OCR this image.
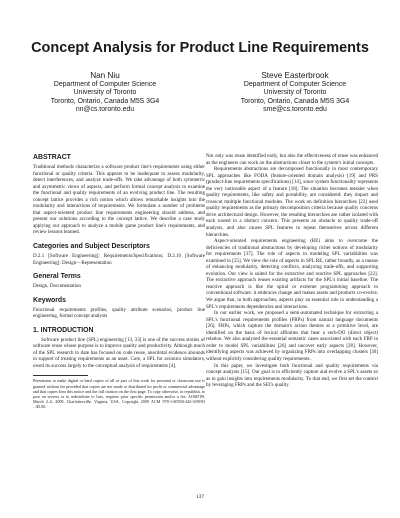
Concept Analysis for Product Line Requirements
Nan Niu
Department of Computer Science
University of Toronto
Toronto, Ontario, Canada M5S 3G4
nn@cs.toronto.edu
Steve Easterbrook
Department of Computer Science
University of Toronto
Toronto, Ontario, Canada M5S 3G4
sme@cs.toronto.edu
ABSTRACT

Traditional methods characterize a software product line's requirements using either functional or quality criteria. This appears to be inadequate to assess modularity, detect interferences, and analyze trade-offs. We take advantage of both symmetric and asymmetric views of aspects, and perform formal concept analysis to examine the functional and quality requirements of an evolving product line. The resulting concept lattice provides a rich notion which allows remarkable insights into the modularity and interactions of requirements. We formulate a number of problems that aspect-oriented product line requirements engineering should address, and present our solutions according to the concept lattice. We describe a case study applying our approach to analyze a mobile game product line's requirements, and review lessons learned.

Categories and Subject Descriptors

D.2.1 [Software Engineering]: Requirements/Specifications; D.2.10 [Software Engineering]: Design—Representation

General Terms

Design, Documentation

Keywords

Functional requirements profiles, quality attribute scenarios, product line engineering, formal concept analysis

1. INTRODUCTION

Software product line (SPL) engineering [13, 33] is one of the success stories of software reuse whose purpose is to improve quality and productivity. Although much of the SPL research to date has focused on code reuse, anecdotal evidence abounds in support of treating requirements as an asset. Core, a SPL for avionics simulators, owed its success largely to the conceptual analysis of requirements [4].

Permission to make digital or hard copies of all or part of this work for personal or classroom use is granted without fee provided that copies are not made or distributed for profit or commercial advantage and that copies bear this notice and the full citation on the first page. To copy otherwise, to republish, to post on servers or to redistribute to lists, requires prior specific permission and/or a fee. AOSD'09, March 2–6, 2009, Charlottesville, Virginia, USA. Copyright 2009 ACM 978-1-60558-442-3/09/03 ...$5.00.

Not only was reuse identified early, but also the effectiveness of reuse was enhanced as the engineers can work on the abstractions closer to the system's initial concepts.

Requirements abstractions are decomposed functionally in most contemporary SPL approaches like FODA (feature-oriented domain analysis) [19] and PRS (product-line requirements specifications) [14], since system functionality represents the very noticeable aspect of a feature [18]. The situation becomes messier when quality requirements, like safety and portability, are considered: they impact and crosscut multiple functional modules. The work on definition hierarchies [23] used quality requirements as the primary decomposition criteria because quality concerns drive architectural design. However, the resulting hierarchies are rather isolated with each rooted in a distinct concern. This presents an obstacle to quality trade-off analysis, and also causes SPL features to repeat themselves across different hierarchies.

Aspect-oriented requirements engineering (RE) aims to overcome the deficiencies of traditional abstractions by developing richer notions of modularity for requirements [37]. The role of aspects in modeling SPL variabilities was examined in [25]. We view the role of aspects in SPL RE, rather broadly, as a means of enhancing modularity, detecting conflicts, analyzing trade-offs, and supporting evolution. Our view is suited for the extractive and reactive SPL approaches [22]. The extractive approach reuses existing artifacts for the SPL's initial baseline. The reactive approach is like the spiral or extreme programming approach to conventional software: it embraces change and makes assets and products co-evolve. We argue that, in both approaches, aspects play an essential role in understanding a SPL's requirements dependencies and interactions.

In our earlier work, we proposed a semi-automated technique for extracting a SPL's functional requirements profiles (FRPs) from natural language documents [26]. FRPs, which capture the domain's action themes at a primitive level, are identified on the basis of lexical affinities that bear a verb-DO (direct object) relation. We also analyzed the essential semantic cases associated with each FRP in order to model SPL variabilities [26] and uncover early aspects [28]. However, identifying aspects was achieved by organizing FRPs into overlapping clusters [30] without explicitly considering quality requirements.

In this paper, we investigate both functional and quality requirements via concept analysis [15]. Our goal is to efficiently capture and evolve a SPL's assets so as to gain insights into requirements modularity. To that end, we first set the context by leveraging FRPs and the SEI's quality

137
